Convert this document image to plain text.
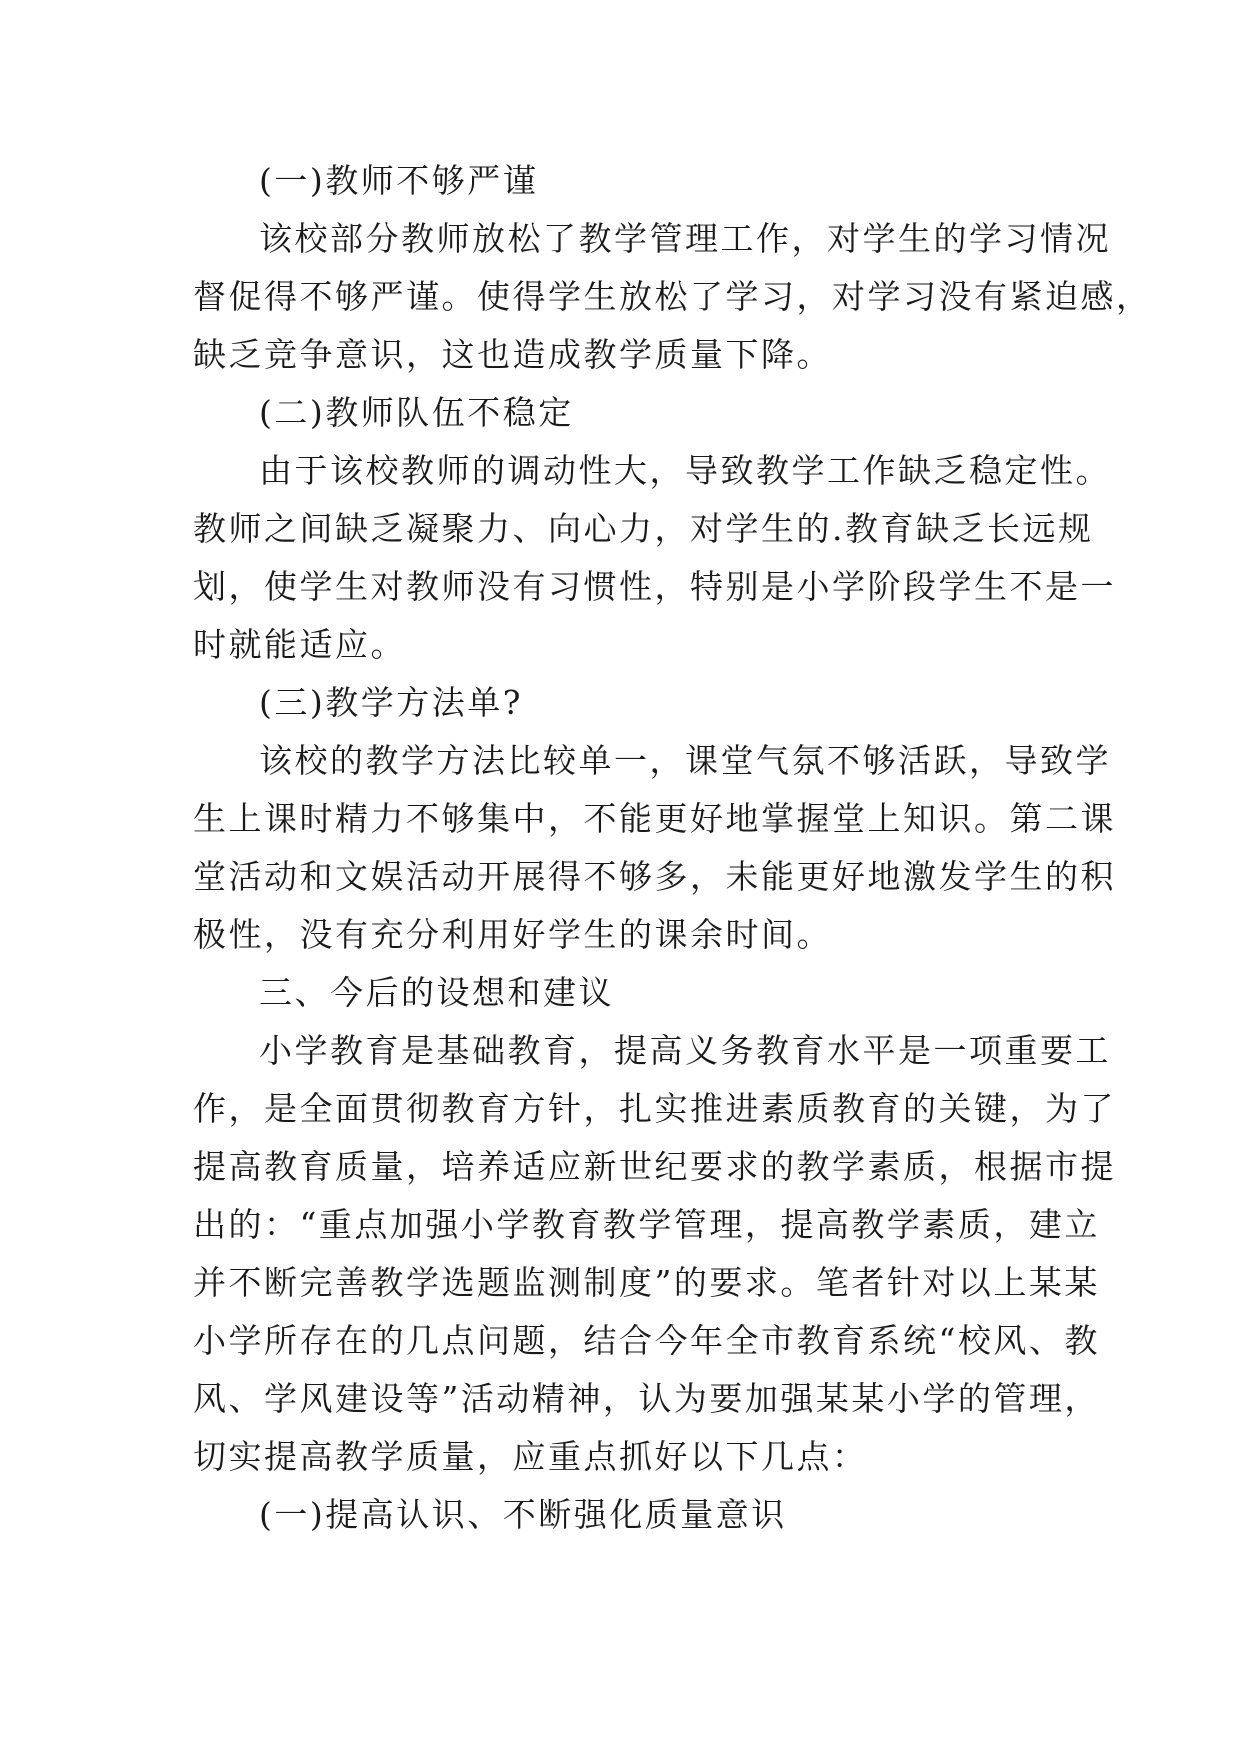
(一)教师不够严谨
该校部分教师放松了教学管理工作，对学生的学习情况
督促得不够严谨。使得学生放松了学习，对学习没有紧迫感，
缺乏竞争意识，这也造成教学质量下降。
(二)教师队伍不稳定
由于该校教师的调动性大，导致教学工作缺乏稳定性。
教师之间缺乏凝聚力、向心力，对学生的.教育缺乏长远规
划，使学生对教师没有习惯性，特别是小学阶段学生不是一
时就能适应。
(三)教学方法单?
该校的教学方法比较单一，课堂气氛不够活跃，导致学
生上课时精力不够集中，不能更好地掌握堂上知识。第二课
堂活动和文娱活动开展得不够多，未能更好地激发学生的积
极性，没有充分利用好学生的课余时间。
三、今后的设想和建议
小学教育是基础教育，提高义务教育水平是一项重要工
作，是全面贯彻教育方针，扎实推进素质教育的关键，为了
提高教育质量，培养适应新世纪要求的教学素质，根据市提
出的：“重点加强小学教育教学管理，提高教学素质，建立
并不断完善教学选题监测制度”的要求。笔者针对以上某某
小学所存在的几点问题，结合今年全市教育系统“校风、教
风、学风建设等”活动精神，认为要加强某某小学的管理，
切实提高教学质量，应重点抓好以下几点：
(一)提高认识、不断强化质量意识
